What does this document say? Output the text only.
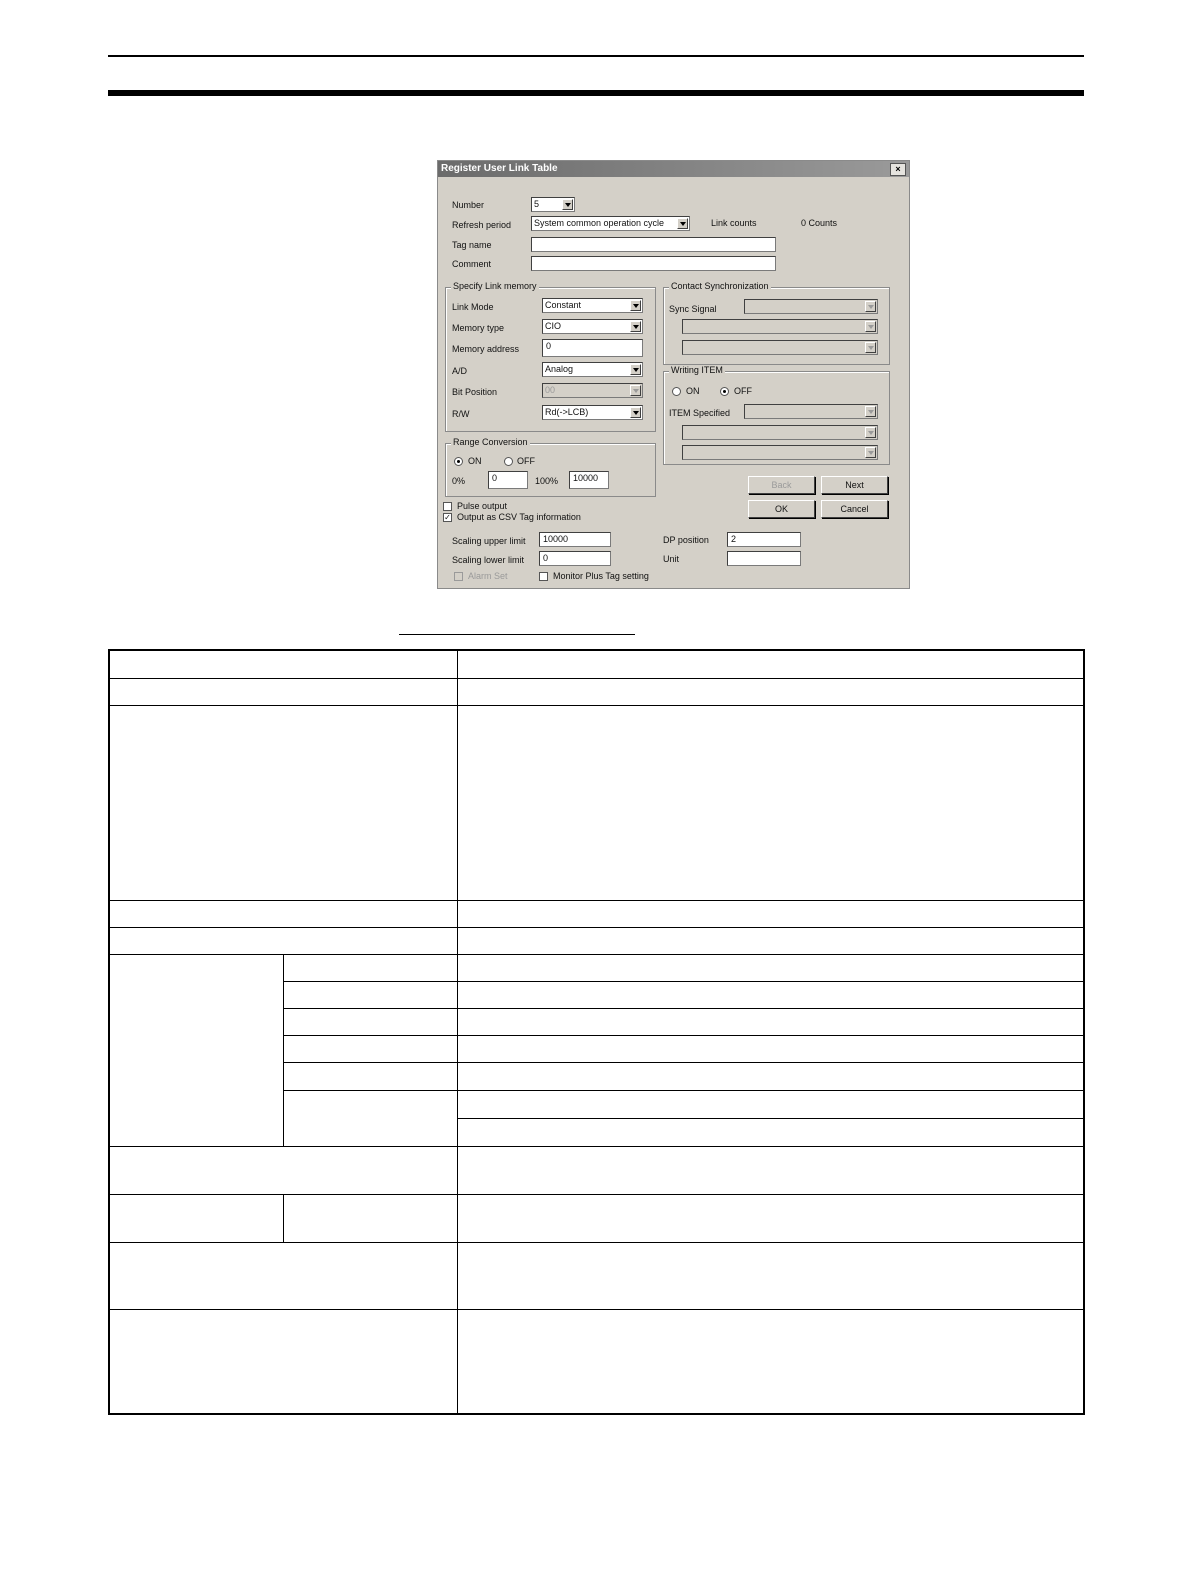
Register User Link Table	×
Number	5
Refresh period	System common operation cycle	Link counts	0 Counts
Tag name
Comment
Specify Link memory
Link Mode	Constant
Memory type	CIO
Memory address	0
A/D	Analog
Bit Position	00
R/W	Rd(->LCB)
Contact Synchronization
Sync Signal
Writing ITEM
ON	OFF
ITEM Specified
Range Conversion
ON	OFF
0%	0	100%	10000
Pulse output
✓ Output as CSV Tag information
Back	Next
OK	Cancel
Scaling upper limit	10000	DP position	2
Scaling lower limit	0	Unit
Alarm Set	Monitor Plus Tag setting
